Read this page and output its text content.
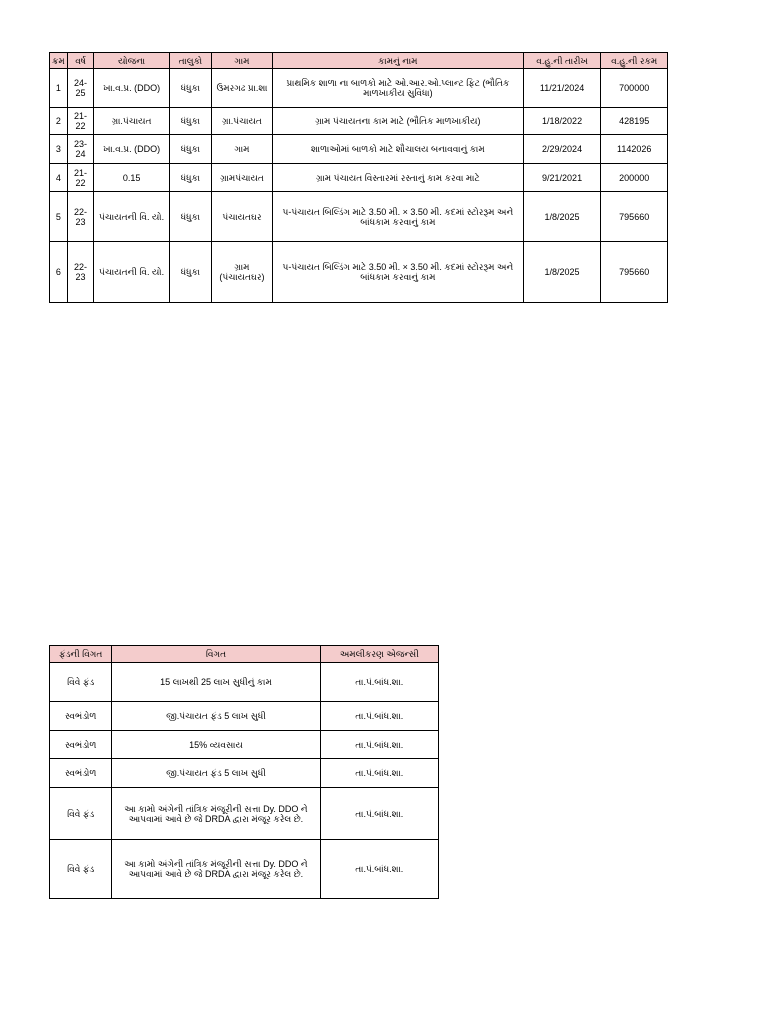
ક્રમ	વર્ષ	યોજના	તાલુકો	ગામ	કામનું નામ	વ.હુ.ની તારીખ	વ.હુ.ની રકમ
1	24-25	ખા.વ.પ્ર. (DDO)	ધંધુકા	ઉમરગઢ પ્રા.શા	પ્રાથમિક શાળા ના બાળકો માટે ઓ.આર.ઓ.પ્લાન્ટ ફિટ (ભૌતિક માળખાકીય સુવિધા)	11/21/2024	700000
2	21-22	ગ્રા.પંચાયત	ધંધુકા	ગ્રા.પંચાયત	ગ્રામ પંચાયતના કામ માટે (ભૌતિક માળખાકીય)	1/18/2022	428195
3	23-24	ખા.વ.પ્ર. (DDO)	ધંધુકા	ગામ	શાળાઓમાં બાળકો માટે શૌચાલય બનાવવાનું કામ	2/29/2024	1142026
4	21-22	0.15	ધંધુકા	ગ્રામપંચાયત	ગ્રામ પંચાયત વિસ્તારમાં રસ્તાનું કામ કરવા માટે	9/21/2021	200000
5	22-23	પંચાયતની વિ. યો.	ધંધુકા	પંચાયતઘર	પ-પંચાયત બિલ્ડિંગ માટે 3.50 મી. × 3.50 મી. કદમાં સ્ટોરરૂમ અને બાંધકામ કરવાનું કામ	1/8/2025	795660
6	22-23	પંચાયતની વિ. યો.	ધંધુકા	ગ્રામ (પંચાયતઘર)	પ-પંચાયત બિલ્ડિંગ માટે 3.50 મી. × 3.50 મી. કદમાં સ્ટોરરૂમ અને બાંધકામ કરવાનું કામ	1/8/2025	795660
ફંડની વિગત	વિગત	અમલીકરણ એજન્સી
વિવે ફંડ	15 લાખથી 25 લાખ સુધીનું કામ	તા.પં.બાંધ.શા.
સ્વભંડોળ	જી.પંચાયત ફંડ 5 લાખ સુધી	તા.પં.બાંધ.શા.
સ્વભંડોળ	15% વ્યવસાય	તા.પં.બાંધ.શા.
સ્વભંડોળ	જી.પંચાયત ફંડ 5 લાખ સુધી	તા.પં.બાંધ.શા.
વિવે ફંડ	આ કામો અંગેની તાંત્રિક મંજૂરીની સત્તા Dy. DDO ને આપવામાં આવે છે જે DRDA દ્વારા મંજૂર કરેલ છે.	તા.પં.બાંધ.શા.
વિવે ફંડ	આ કામો અંગેની તાંત્રિક મંજૂરીની સત્તા Dy. DDO ને આપવામાં આવે છે જે DRDA દ્વારા મંજૂર કરેલ છે.	તા.પં.બાંધ.શા.
